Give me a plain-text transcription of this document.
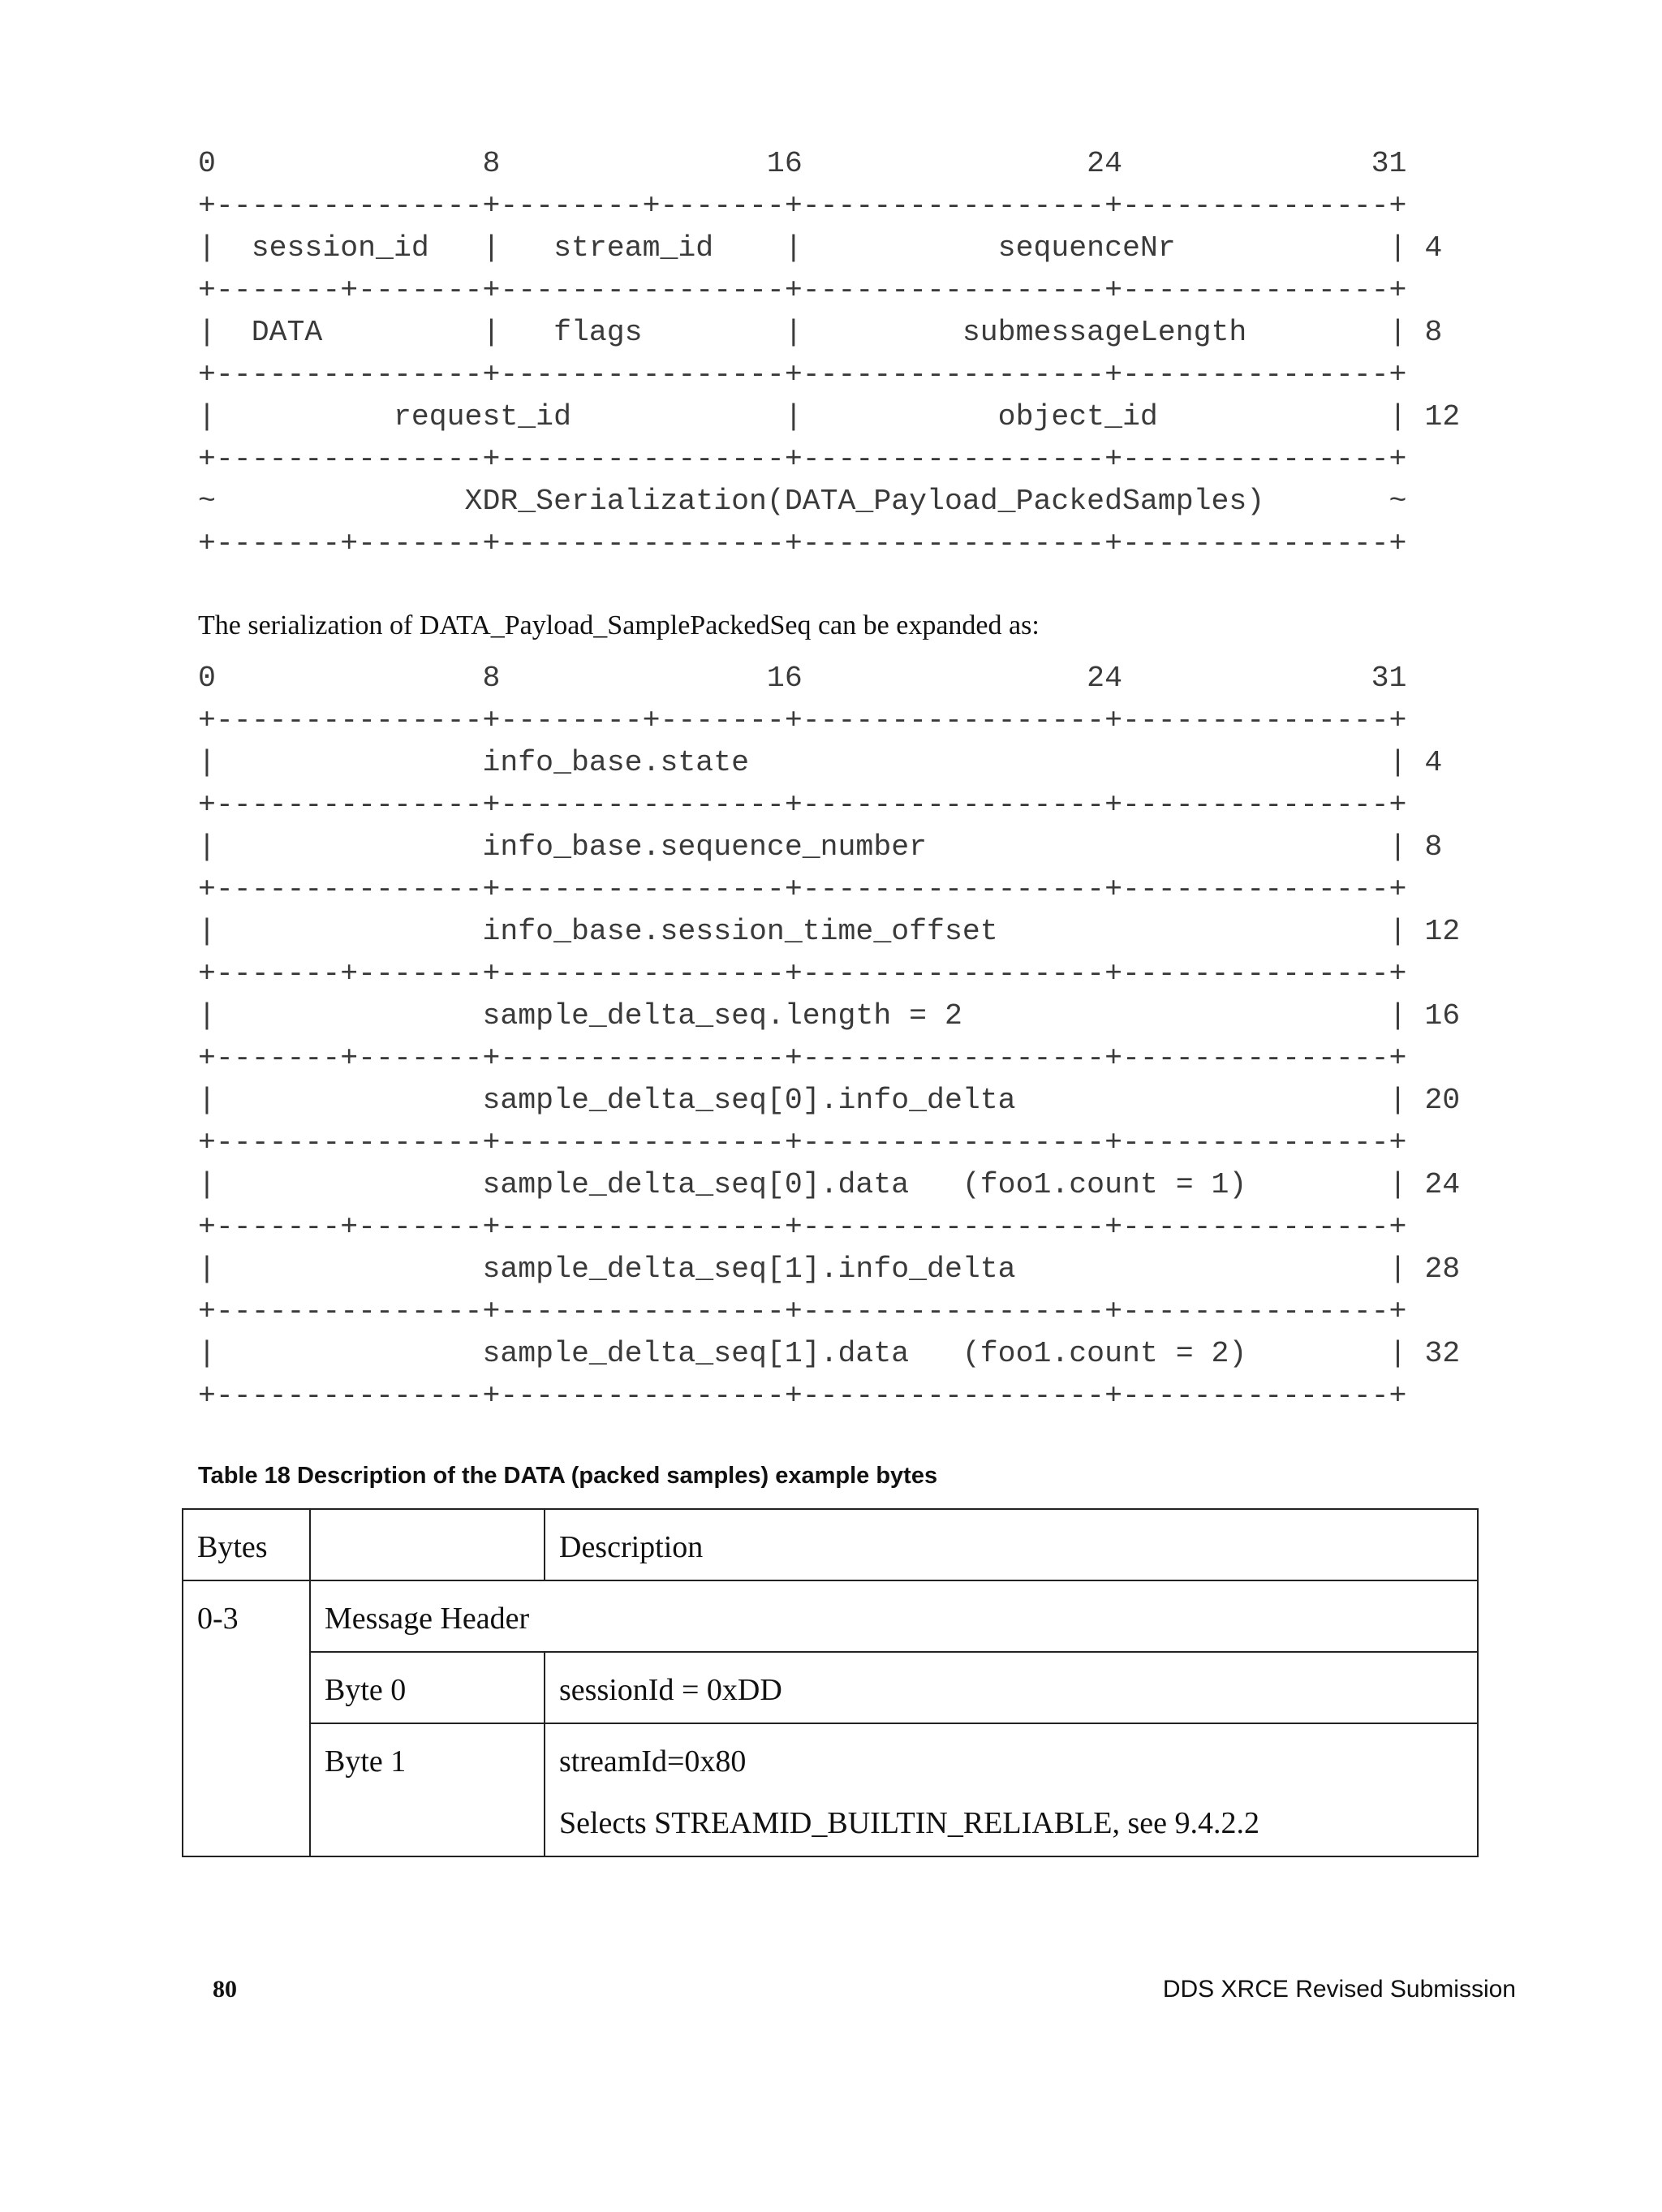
0               8               16                24              31
+---------------+--------+-------+-----------------+---------------+
|  session_id   |   stream_id    |           sequenceNr            | 4
+-------+-------+----------------+-----------------+---------------+
|  DATA         |   flags        |         submessageLength        | 8
+---------------+----------------+-----------------+---------------+
|          request_id            |           object_id             | 12
+---------------+----------------+-----------------+---------------+
~              XDR_Serialization(DATA_Payload_PackedSamples)       ~
+-------+-------+----------------+-----------------+---------------+
The serialization of DATA_Payload_SamplePackedSeq can be expanded as:
0               8               16                24              31
+---------------+--------+-------+-----------------+---------------+
|               info_base.state                                    | 4
+---------------+----------------+-----------------+---------------+
|               info_base.sequence_number                          | 8
+---------------+----------------+-----------------+---------------+
|               info_base.session_time_offset                      | 12
+-------+-------+----------------+-----------------+---------------+
|               sample_delta_seq.length = 2                        | 16
+-------+-------+----------------+-----------------+---------------+
|               sample_delta_seq[0].info_delta                     | 20
+---------------+----------------+-----------------+---------------+
|               sample_delta_seq[0].data   (foo1.count = 1)        | 24
+-------+-------+----------------+-----------------+---------------+
|               sample_delta_seq[1].info_delta                     | 28
+---------------+----------------+-----------------+---------------+
|               sample_delta_seq[1].data   (foo1.count = 2)        | 32
+---------------+----------------+-----------------+---------------+
Table 18 Description of the DATA (packed samples) example bytes
Bytes		Description
0-3	Message Header	
	Byte 0	sessionId = 0xDD

	Byte 1	streamId=0x80
Selects STREAMID_BUILTIN_RELIABLE, see 9.4.2.2
80	DDS XRCE Revised Submission
